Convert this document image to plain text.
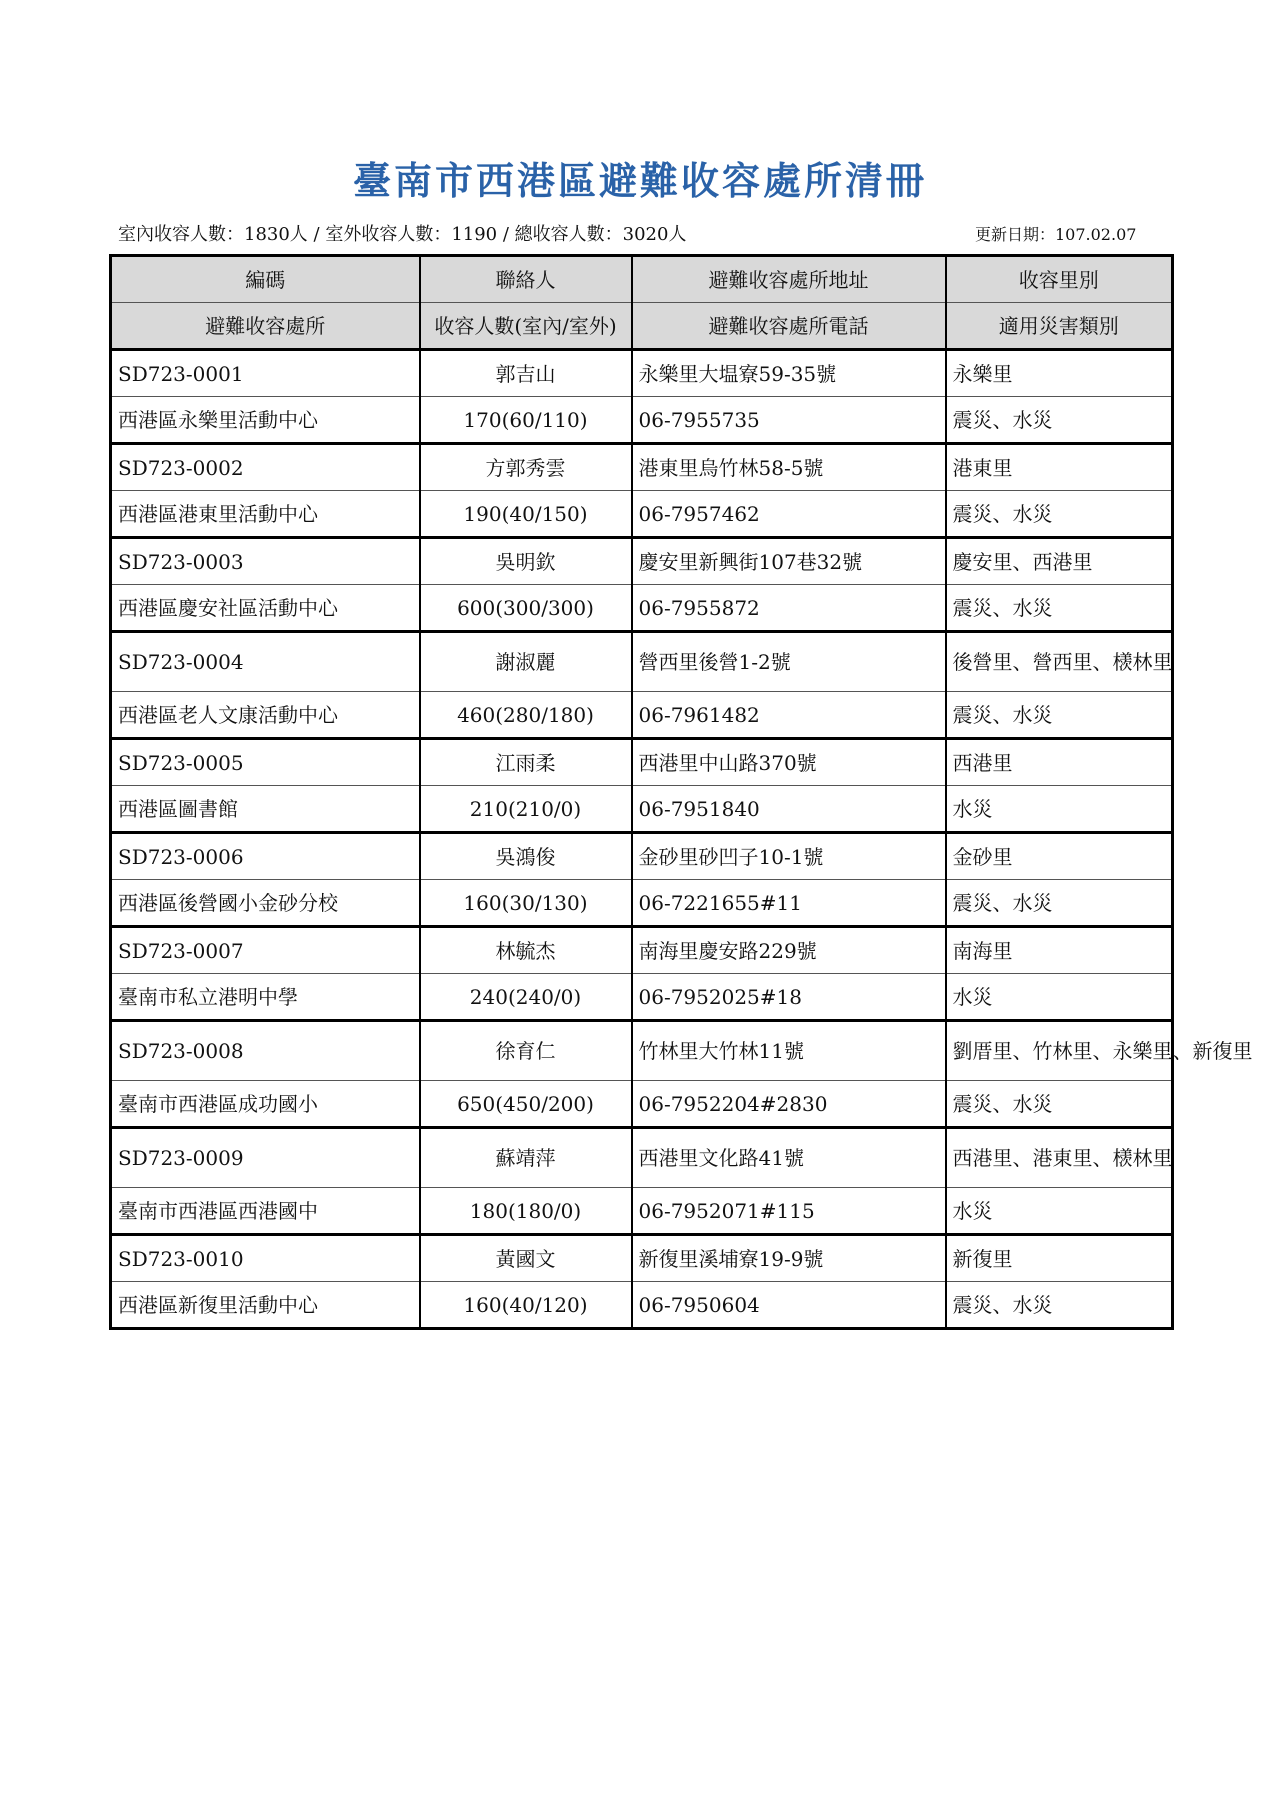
臺南市西港區避難收容處所清冊
室內收容人數：1830人 / 室外收容人數：1190 / 總收容人數：3020人	更新日期：107.02.07
編碼	聯絡人	避難收容處所地址	收容里別
避難收容處所	收容人數(室內/室外)	避難收容處所電話	適用災害類別
SD723-0001	郭吉山	永樂里大塭寮59-35號	永樂里
西港區永樂里活動中心	170(60/110)	06-7955735	震災、水災
SD723-0002	方郭秀雲	港東里烏竹林58-5號	港東里
西港區港東里活動中心	190(40/150)	06-7957462	震災、水災
SD723-0003	吳明欽	慶安里新興街107巷32號	慶安里、西港里
西港區慶安社區活動中心	600(300/300)	06-7955872	震災、水災
SD723-0004	謝淑麗	營西里後營1-2號	後營里、營西里、檨林里
西港區老人文康活動中心	460(280/180)	06-7961482	震災、水災
SD723-0005	江雨柔	西港里中山路370號	西港里
西港區圖書館	210(210/0)	06-7951840	水災
SD723-0006	吳鴻俊	金砂里砂凹子10-1號	金砂里
西港區後營國小金砂分校	160(30/130)	06-7221655#11	震災、水災
SD723-0007	林毓杰	南海里慶安路229號	南海里
臺南市私立港明中學	240(240/0)	06-7952025#18	水災
SD723-0008	徐育仁	竹林里大竹林11號	劉厝里、竹林里、永樂里、新復里
臺南市西港區成功國小	650(450/200)	06-7952204#2830	震災、水災
SD723-0009	蘇靖萍	西港里文化路41號	西港里、港東里、檨林里
臺南市西港區西港國中	180(180/0)	06-7952071#115	水災
SD723-0010	黃國文	新復里溪埔寮19-9號	新復里
西港區新復里活動中心	160(40/120)	06-7950604	震災、水災
